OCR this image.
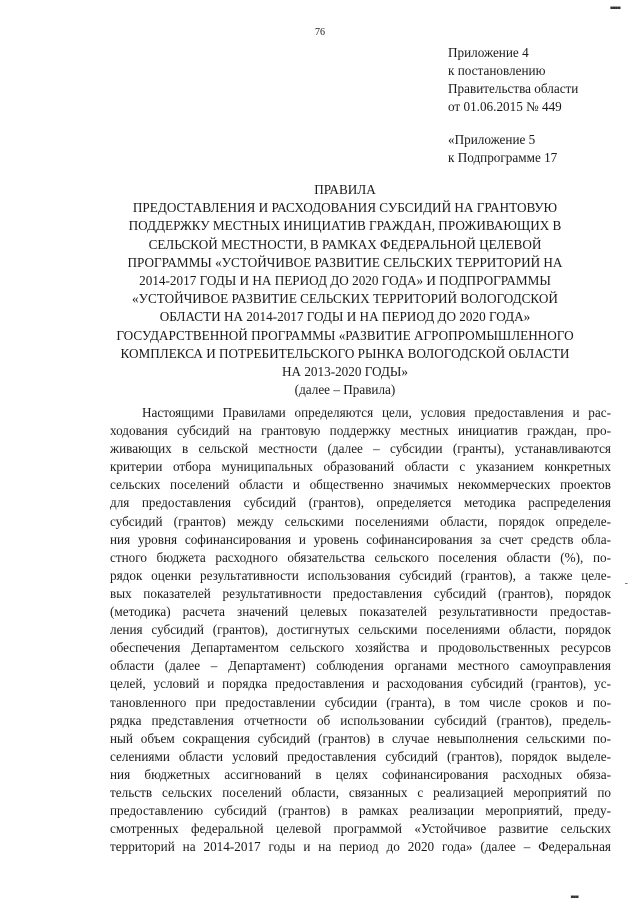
▪▪▪▪
76
Приложение 4
к постановлению
Правительства области
от 01.06.2015 № 449
«Приложение 5
к Подпрограмме 17
ПРАВИЛА
ПРЕДОСТАВЛЕНИЯ И РАСХОДОВАНИЯ СУБСИДИЙ НА ГРАНТОВУЮ
ПОДДЕРЖКУ МЕСТНЫХ ИНИЦИАТИВ ГРАЖДАН, ПРОЖИВАЮЩИХ В
СЕЛЬСКОЙ МЕСТНОСТИ, В РАМКАХ ФЕДЕРАЛЬНОЙ ЦЕЛЕВОЙ
ПРОГРАММЫ «УСТОЙЧИВОЕ РАЗВИТИЕ СЕЛЬСКИХ ТЕРРИТОРИЙ НА
2014-2017 ГОДЫ И НА ПЕРИОД ДО 2020 ГОДА» И ПОДПРОГРАММЫ
«УСТОЙЧИВОЕ РАЗВИТИЕ СЕЛЬСКИХ ТЕРРИТОРИЙ ВОЛОГОДСКОЙ
ОБЛАСТИ НА 2014-2017 ГОДЫ И НА ПЕРИОД ДО 2020 ГОДА»
ГОСУДАРСТВЕННОЙ ПРОГРАММЫ «РАЗВИТИЕ АГРОПРОМЫШЛЕННОГО
КОМПЛЕКСА И ПОТРЕБИТЕЛЬСКОГО РЫНКА ВОЛОГОДСКОЙ ОБЛАСТИ
НА 2013-2020 ГОДЫ»
(далее – Правила)
-
Настоящими Правилами определяются цели, условия предоставления и рас-
ходования субсидий на грантовую поддержку местных инициатив граждан, про-
живающих в сельской местности (далее – субсидии (гранты), устанавливаются
критерии отбора муниципальных образований области с указанием конкретных
сельских поселений области и общественно значимых некоммерческих проектов
для предоставления субсидий (грантов), определяется методика распределения
субсидий (грантов) между сельскими поселениями области, порядок определе-
ния уровня софинансирования и уровень софинансирования за счет средств обла-
стного бюджета расходного обязательства сельского поселения области (%), по-
рядок оценки результативности использования субсидий (грантов), а также целе-
вых показателей результативности предоставления субсидий (грантов), порядок
(методика) расчета значений целевых показателей результативности предостав-
ления субсидий (грантов), достигнутых сельскими поселениями области, порядок
обеспечения Департаментом сельского хозяйства и продовольственных ресурсов
области (далее – Департамент) соблюдения органами местного самоуправления
целей, условий и порядка предоставления и расходования субсидий (грантов), ус-
тановленного при предоставлении субсидии (гранта), в том числе сроков и по-
рядка представления отчетности об использовании субсидий (грантов), предель-
ный объем сокращения субсидий (грантов) в случае невыполнения сельскими по-
селениями области условий предоставления субсидий (грантов), порядок выделе-
ния бюджетных ассигнований в целях софинансирования расходных обяза-
тельств сельских поселений области, связанных с реализацией мероприятий по
предоставлению субсидий (грантов) в рамках реализации мероприятий, преду-
смотренных федеральной целевой программой «Устойчивое развитие сельских
территорий на 2014-2017 годы и на период до 2020 года» (далее – Федеральная
▪▪▪
